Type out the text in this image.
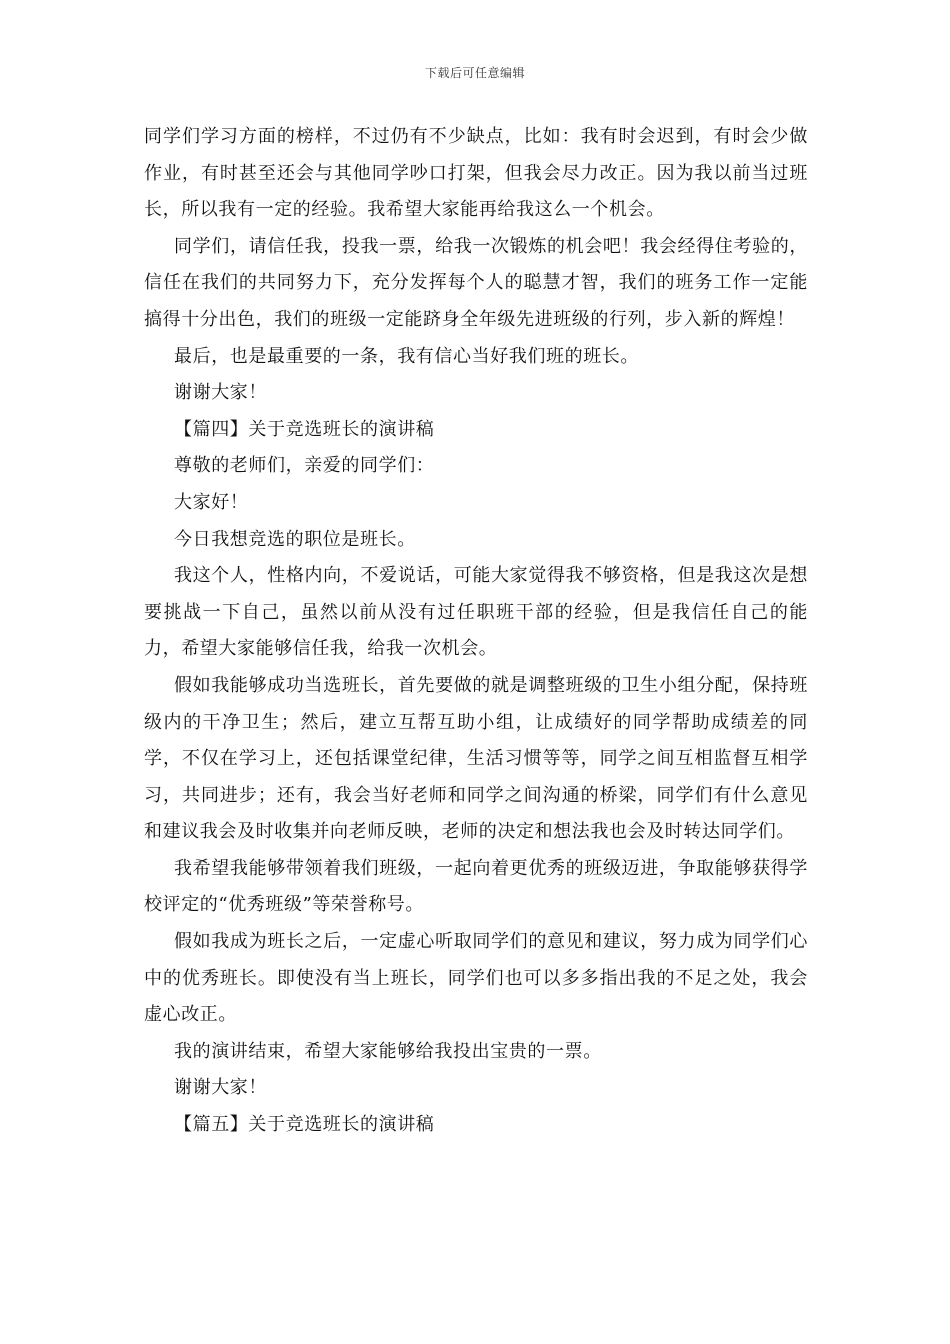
下载后可任意编辑

同学们学习方面的榜样，不过仍有不少缺点，比如：我有时会迟到，有时会少做作业，有时甚至还会与其他同学吵口打架，但我会尽力改正。因为我以前当过班长，所以我有一定的经验。我希望大家能再给我这么一个机会。

同学们，请信任我，投我一票，给我一次锻炼的机会吧！我会经得住考验的，信任在我们的共同努力下，充分发挥每个人的聪慧才智，我们的班务工作一定能搞得十分出色，我们的班级一定能跻身全年级先进班级的行列，步入新的辉煌！

最后，也是最重要的一条，我有信心当好我们班的班长。

谢谢大家！

【篇四】关于竞选班长的演讲稿

尊敬的老师们，亲爱的同学们：

大家好！

今日我想竞选的职位是班长。

我这个人，性格内向，不爱说话，可能大家觉得我不够资格，但是我这次是想要挑战一下自己，虽然以前从没有过任职班干部的经验，但是我信任自己的能力，希望大家能够信任我，给我一次机会。

假如我能够成功当选班长，首先要做的就是调整班级的卫生小组分配，保持班级内的干净卫生；然后，建立互帮互助小组，让成绩好的同学帮助成绩差的同学，不仅在学习上，还包括课堂纪律，生活习惯等等，同学之间互相监督互相学习，共同进步；还有，我会当好老师和同学之间沟通的桥梁，同学们有什么意见和建议我会及时收集并向老师反映，老师的决定和想法我也会及时转达同学们。

我希望我能够带领着我们班级，一起向着更优秀的班级迈进，争取能够获得学校评定的“优秀班级”等荣誉称号。

假如我成为班长之后，一定虚心听取同学们的意见和建议，努力成为同学们心中的优秀班长。即使没有当上班长，同学们也可以多多指出我的不足之处，我会虚心改正。

我的演讲结束，希望大家能够给我投出宝贵的一票。

谢谢大家！

【篇五】关于竞选班长的演讲稿
